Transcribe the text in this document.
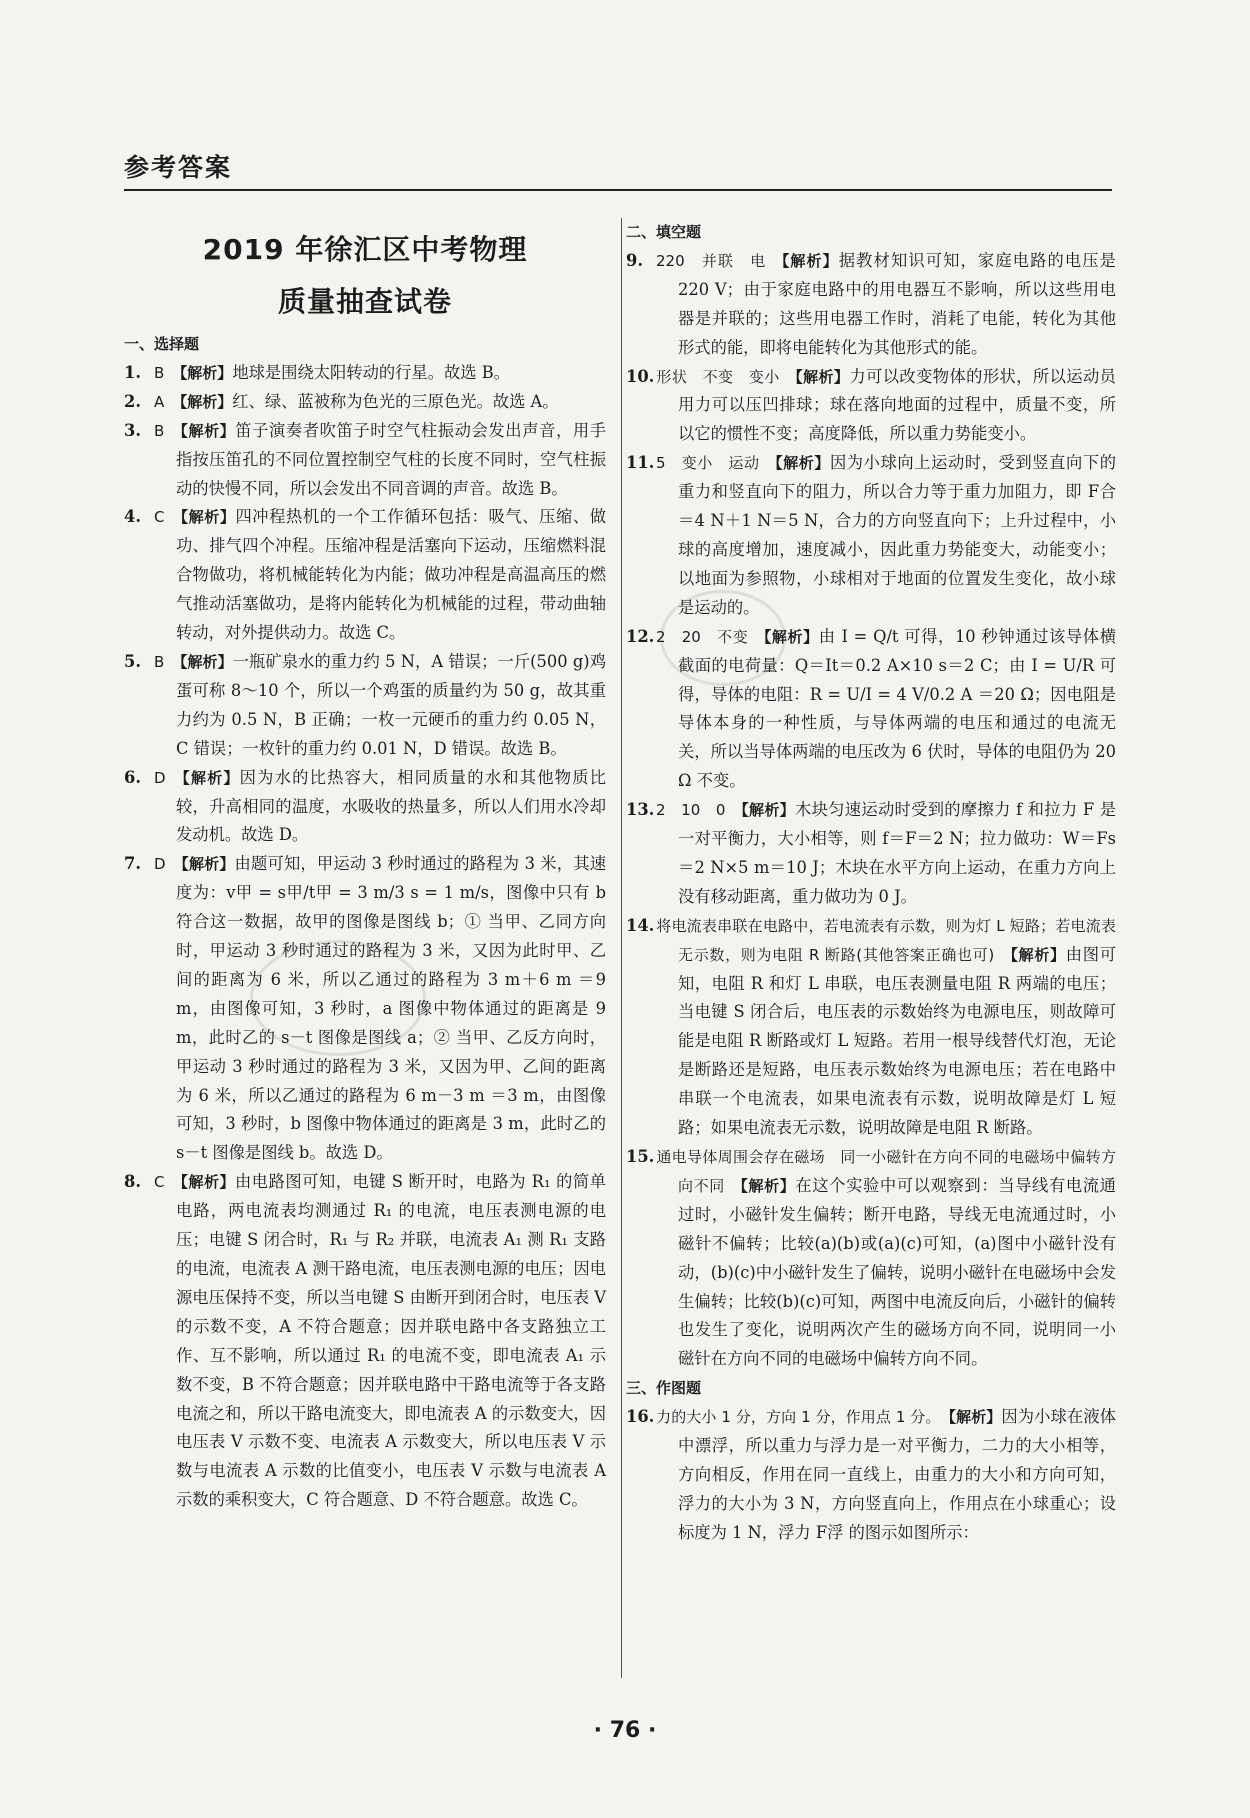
参考答案
2019 年徐汇区中考物理
质量抽查试卷

一、选择题

1. B 【解析】地球是围绕太阳转动的行星。故选 B。

2. A 【解析】红、绿、蓝被称为色光的三原色光。故选 A。

3. B 【解析】笛子演奏者吹笛子时空气柱振动会发出声音，用手指按压笛孔的不同位置控制空气柱的长度不同时，空气柱振动的快慢不同，所以会发出不同音调的声音。故选 B。

4. C 【解析】四冲程热机的一个工作循环包括：吸气、压缩、做功、排气四个冲程。压缩冲程是活塞向下运动，压缩燃料混合物做功，将机械能转化为内能；做功冲程是高温高压的燃气推动活塞做功，是将内能转化为机械能的过程，带动曲轴转动，对外提供动力。故选 C。

5. B 【解析】一瓶矿泉水的重力约 5 N，A 错误；一斤(500 g)鸡蛋可称 8～10 个，所以一个鸡蛋的质量约为 50 g，故其重力约为 0.5 N，B 正确；一枚一元硬币的重力约 0.05 N，C 错误；一枚针的重力约 0.01 N，D 错误。故选 B。

6. D 【解析】因为水的比热容大，相同质量的水和其他物质比较，升高相同的温度，水吸收的热量多，所以人们用水冷却发动机。故选 D。

7. D 【解析】由题可知，甲运动 3 秒时通过的路程为 3 米，其速度为：v甲 = s甲/t甲 = 3 m/3 s = 1 m/s，图像中只有 b 符合这一数据，故甲的图像是图线 b；① 当甲、乙同方向时，甲运动 3 秒时通过的路程为 3 米，又因为此时甲、乙间的距离为 6 米，所以乙通过的路程为 3 m＋6 m ＝9 m，由图像可知，3 秒时，a 图像中物体通过的距离是 9 m，此时乙的 s－t 图像是图线 a；② 当甲、乙反方向时，甲运动 3 秒时通过的路程为 3 米，又因为甲、乙间的距离为 6 米，所以乙通过的路程为 6 m－3 m ＝3 m，由图像可知，3 秒时，b 图像中物体通过的距离是 3 m，此时乙的 s－t 图像是图线 b。故选 D。

8. C 【解析】由电路图可知，电键 S 断开时，电路为 R₁ 的简单电路，两电流表均测通过 R₁ 的电流，电压表测电源的电压；电键 S 闭合时，R₁ 与 R₂ 并联，电流表 A₁ 测 R₁ 支路的电流，电流表 A 测干路电流，电压表测电源的电压；因电源电压保持不变，所以当电键 S 由断开到闭合时，电压表 V 的示数不变，A 不符合题意；因并联电路中各支路独立工作、互不影响，所以通过 R₁ 的电流不变，即电流表 A₁ 示数不变，B 不符合题意；因并联电路中干路电流等于各支路电流之和，所以干路电流变大，即电流表 A 的示数变大，因电压表 V 示数不变、电流表 A 示数变大，所以电压表 V 示数与电流表 A 示数的比值变小，电压表 V 示数与电流表 A 示数的乘积变大，C 符合题意、D 不符合题意。故选 C。

二、填空题

9. 220　并联　电 【解析】据教材知识可知，家庭电路的电压是 220 V；由于家庭电路中的用电器互不影响，所以这些用电器是并联的；这些用电器工作时，消耗了电能，转化为其他形式的能，即将电能转化为其他形式的能。

10. 形状　不变　变小 【解析】力可以改变物体的形状，所以运动员用力可以压凹排球；球在落向地面的过程中，质量不变，所以它的惯性不变；高度降低，所以重力势能变小。

11. 5　变小　运动 【解析】因为小球向上运动时，受到竖直向下的重力和竖直向下的阻力，所以合力等于重力加阻力，即 F合＝4 N＋1 N＝5 N，合力的方向竖直向下；上升过程中，小球的高度增加，速度减小，因此重力势能变大，动能变小；以地面为参照物，小球相对于地面的位置发生变化，故小球是运动的。

12. 2　20　不变 【解析】由 I = Q/t 可得，10 秒钟通过该导体横截面的电荷量：Q＝It＝0.2 A×10 s＝2 C；由 I = U/R 可得，导体的电阻：R = U/I = 4 V/0.2 A ＝20 Ω；因电阻是导体本身的一种性质，与导体两端的电压和通过的电流无关，所以当导体两端的电压改为 6 伏时，导体的电阻仍为 20 Ω 不变。

13. 2　10　0 【解析】木块匀速运动时受到的摩擦力 f 和拉力 F 是一对平衡力，大小相等，则 f＝F＝2 N；拉力做功：W＝Fs＝2 N×5 m＝10 J；木块在水平方向上运动，在重力方向上没有移动距离，重力做功为 0 J。

14. 将电流表串联在电路中，若电流表有示数，则为灯 L 短路；若电流表无示数，则为电阻 R 断路(其他答案正确也可) 【解析】由图可知，电阻 R 和灯 L 串联，电压表测量电阻 R 两端的电压；当电键 S 闭合后，电压表的示数始终为电源电压，则故障可能是电阻 R 断路或灯 L 短路。若用一根导线替代灯泡，无论是断路还是短路，电压表示数始终为电源电压；若在电路中串联一个电流表，如果电流表有示数，说明故障是灯 L 短路；如果电流表无示数，说明故障是电阻 R 断路。

15. 通电导体周围会存在磁场　同一小磁针在方向不同的电磁场中偏转方向不同 【解析】在这个实验中可以观察到：当导线有电流通过时，小磁针发生偏转；断开电路，导线无电流通过时，小磁针不偏转；比较(a)(b)或(a)(c)可知，(a)图中小磁针没有动，(b)(c)中小磁针发生了偏转，说明小磁针在电磁场中会发生偏转；比较(b)(c)可知，两图中电流反向后，小磁针的偏转也发生了变化，说明两次产生的磁场方向不同，说明同一小磁针在方向不同的电磁场中偏转方向不同。

三、作图题

16. 力的大小 1 分，方向 1 分，作用点 1 分。 【解析】因为小球在液体中漂浮，所以重力与浮力是一对平衡力，二力的大小相等，方向相反，作用在同一直线上，由重力的大小和方向可知，浮力的大小为 3 N，方向竖直向上，作用点在小球重心；设标度为 1 N，浮力 F浮 的图示如图所示：

· 76 ·
